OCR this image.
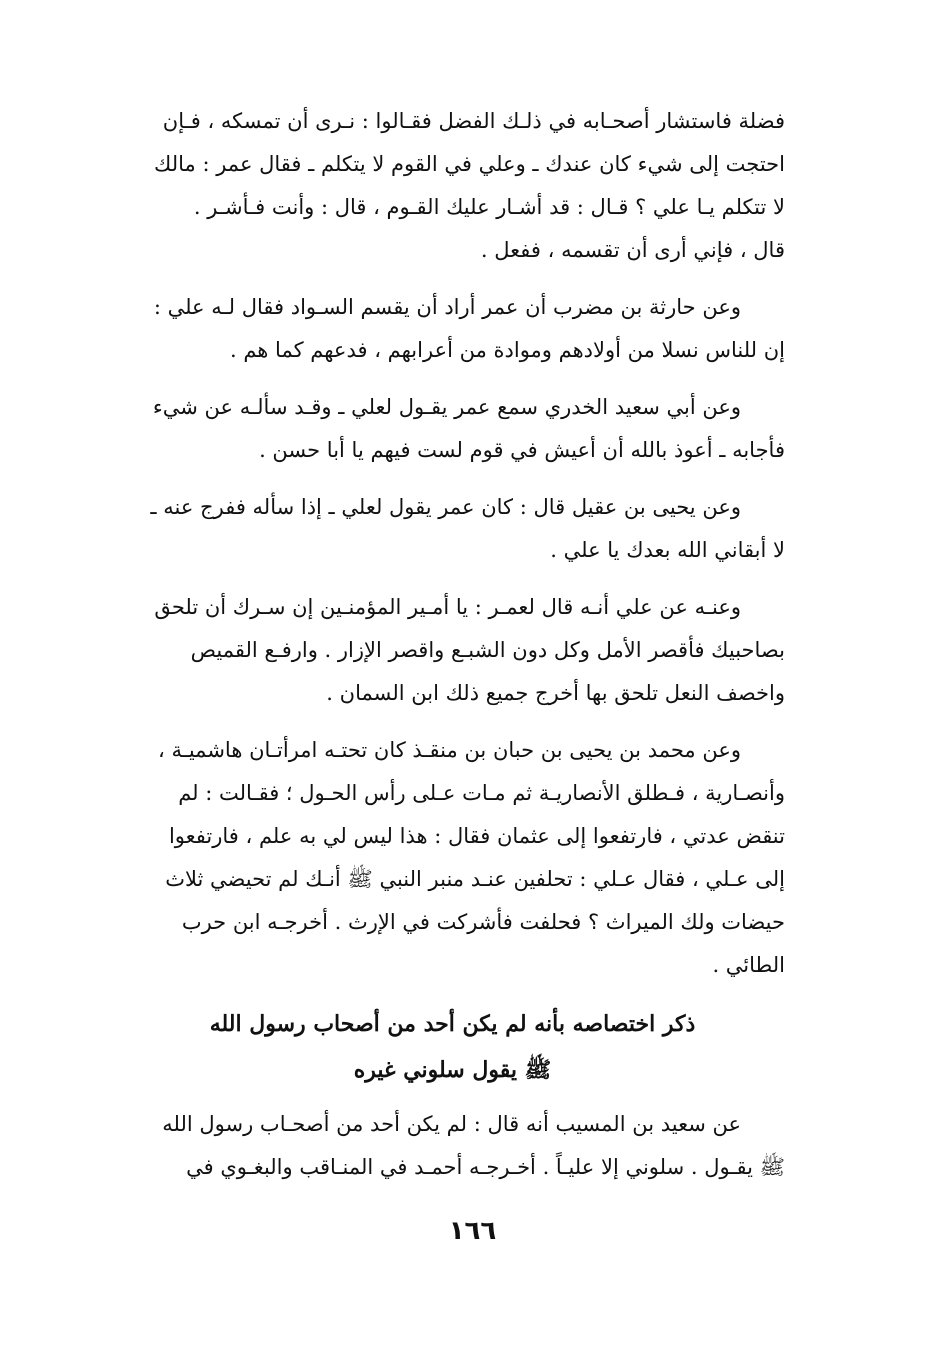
فضلة فاستشار أصحـابه في ذلـك الفضل فقـالوا : نـرى أن تمسكه ، فـإن
احتجت إلى شيء كان عندك ـ وعلي في القوم لا يتكلم ـ فقال عمر : مالك
لا تتكلم يـا علي ؟ قـال : قد أشـار عليك القـوم ، قال : وأنت فـأشـر .
قال ، فإني أرى أن تقسمه ، ففعل .
وعن حارثة بن مضرب أن عمر أراد أن يقسم السـواد فقال لـه علي :
إن للناس نسلا من أولادهم وموادة من أعرابهم ، فدعهم كما هم .
وعن أبي سعيد الخدري سمع عمر يقـول لعلي ـ وقـد سألـه عن شيء
فأجابه ـ أعوذ بالله أن أعيش في قوم لست فيهم يا أبا حسن .
وعن يحيى بن عقيل قال : كان عمر يقول لعلي ـ إذا سأله ففرج عنه ـ
لا أبقاني الله بعدك يا علي .
وعنـه عن علي أنـه قال لعمـر : يا أمـير المؤمنـين إن سـرك أن تلحق
بصاحبيك فأقصر الأمل وكل دون الشبـع واقصر الإزار . وارفـع القميص
واخصف النعل تلحق بها أخرج جميع ذلك ابن السمان .
وعن محمد بن يحيى بن حبان بن منقـذ كان تحتـه امرأتـان هاشميـة ،
وأنصـارية ، فـطلق الأنصاريـة ثم مـات عـلى رأس الحـول ؛ فقـالت : لم
تنقض عدتي ، فارتفعوا إلى عثمان فقال : هذا ليس لي به علم ، فارتفعوا
إلى عـلي ، فقال عـلي : تحلفين عنـد منبر النبي ﷺ أنـك لم تحيضي ثلاث
حيضات ولك الميراث ؟ فحلفت فأشركت في الإرث . أخرجـه ابن حرب
الطائي .
ذكر اختصاصه بأنه لم يكن أحد من أصحاب رسول الله
ﷺ يقول سلوني غيره
عن سعيد بن المسيب أنه قال : لم يكن أحد من أصحـاب رسول الله
ﷺ يقـول . سلوني إلا عليـاً . أخـرجـه أحمـد في المنـاقب والبغـوي في
١٦٦
